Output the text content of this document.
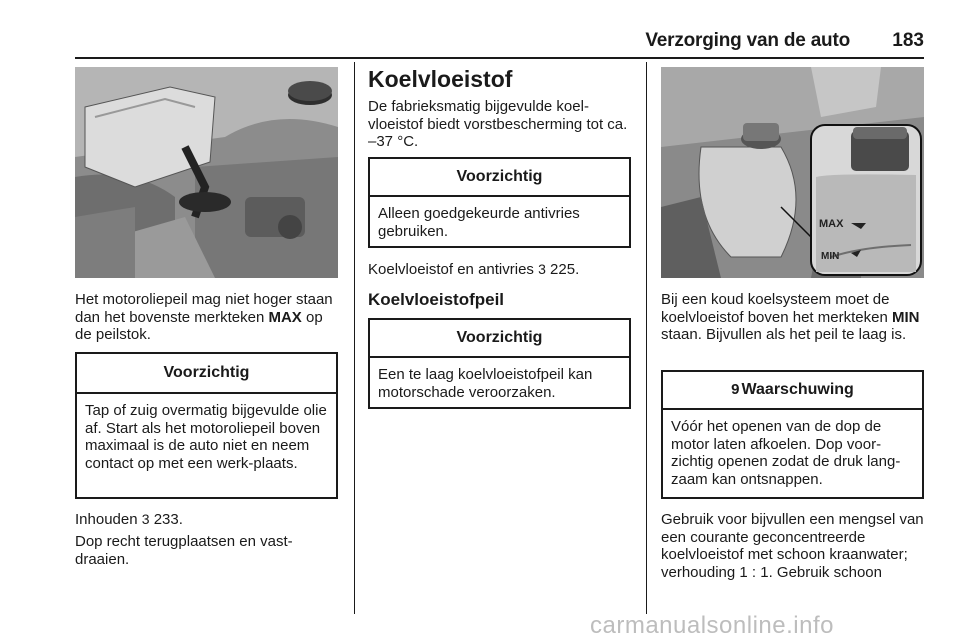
Verzorging van de auto 183

Het motoroliepeil mag niet hoger staan dan het bovenste merkteken MAX op de peilstok.

Voorzichtig
Tap of zuig overmatig bijgevulde olie af. Start als het motoroliepeil boven maximaal is de auto niet en neem contact op met een werk-plaats.

Inhouden 3 233.

Dop recht terugplaatsen en vast-draaien.

Koelvloeistof

De fabrieksmatig bijgevulde koel-vloeistof biedt vorstbescherming tot ca. –37 °C.

Voorzichtig
Alleen goedgekeurde antivries gebruiken.

Koelvloeistof en antivries 3 225.

Koelvloeistofpeil
Voorzichtig
Een te laag koelvloeistofpeil kan motorschade veroorzaken.
MAX
MIN

Bij een koud koelsysteem moet de koelvloeistof boven het merkteken MIN staan. Bijvullen als het peil te laag is.

9 Waarschuwing
Vóór het openen van de dop de motor laten afkoelen. Dop voor-zichtig openen zodat de druk lang-zaam kan ontsnappen.

Gebruik voor bijvullen een mengsel van een courante geconcentreerde koelvloeistof met schoon kraanwater; verhouding 1 : 1. Gebruik schoon

carmanualsonline.info
